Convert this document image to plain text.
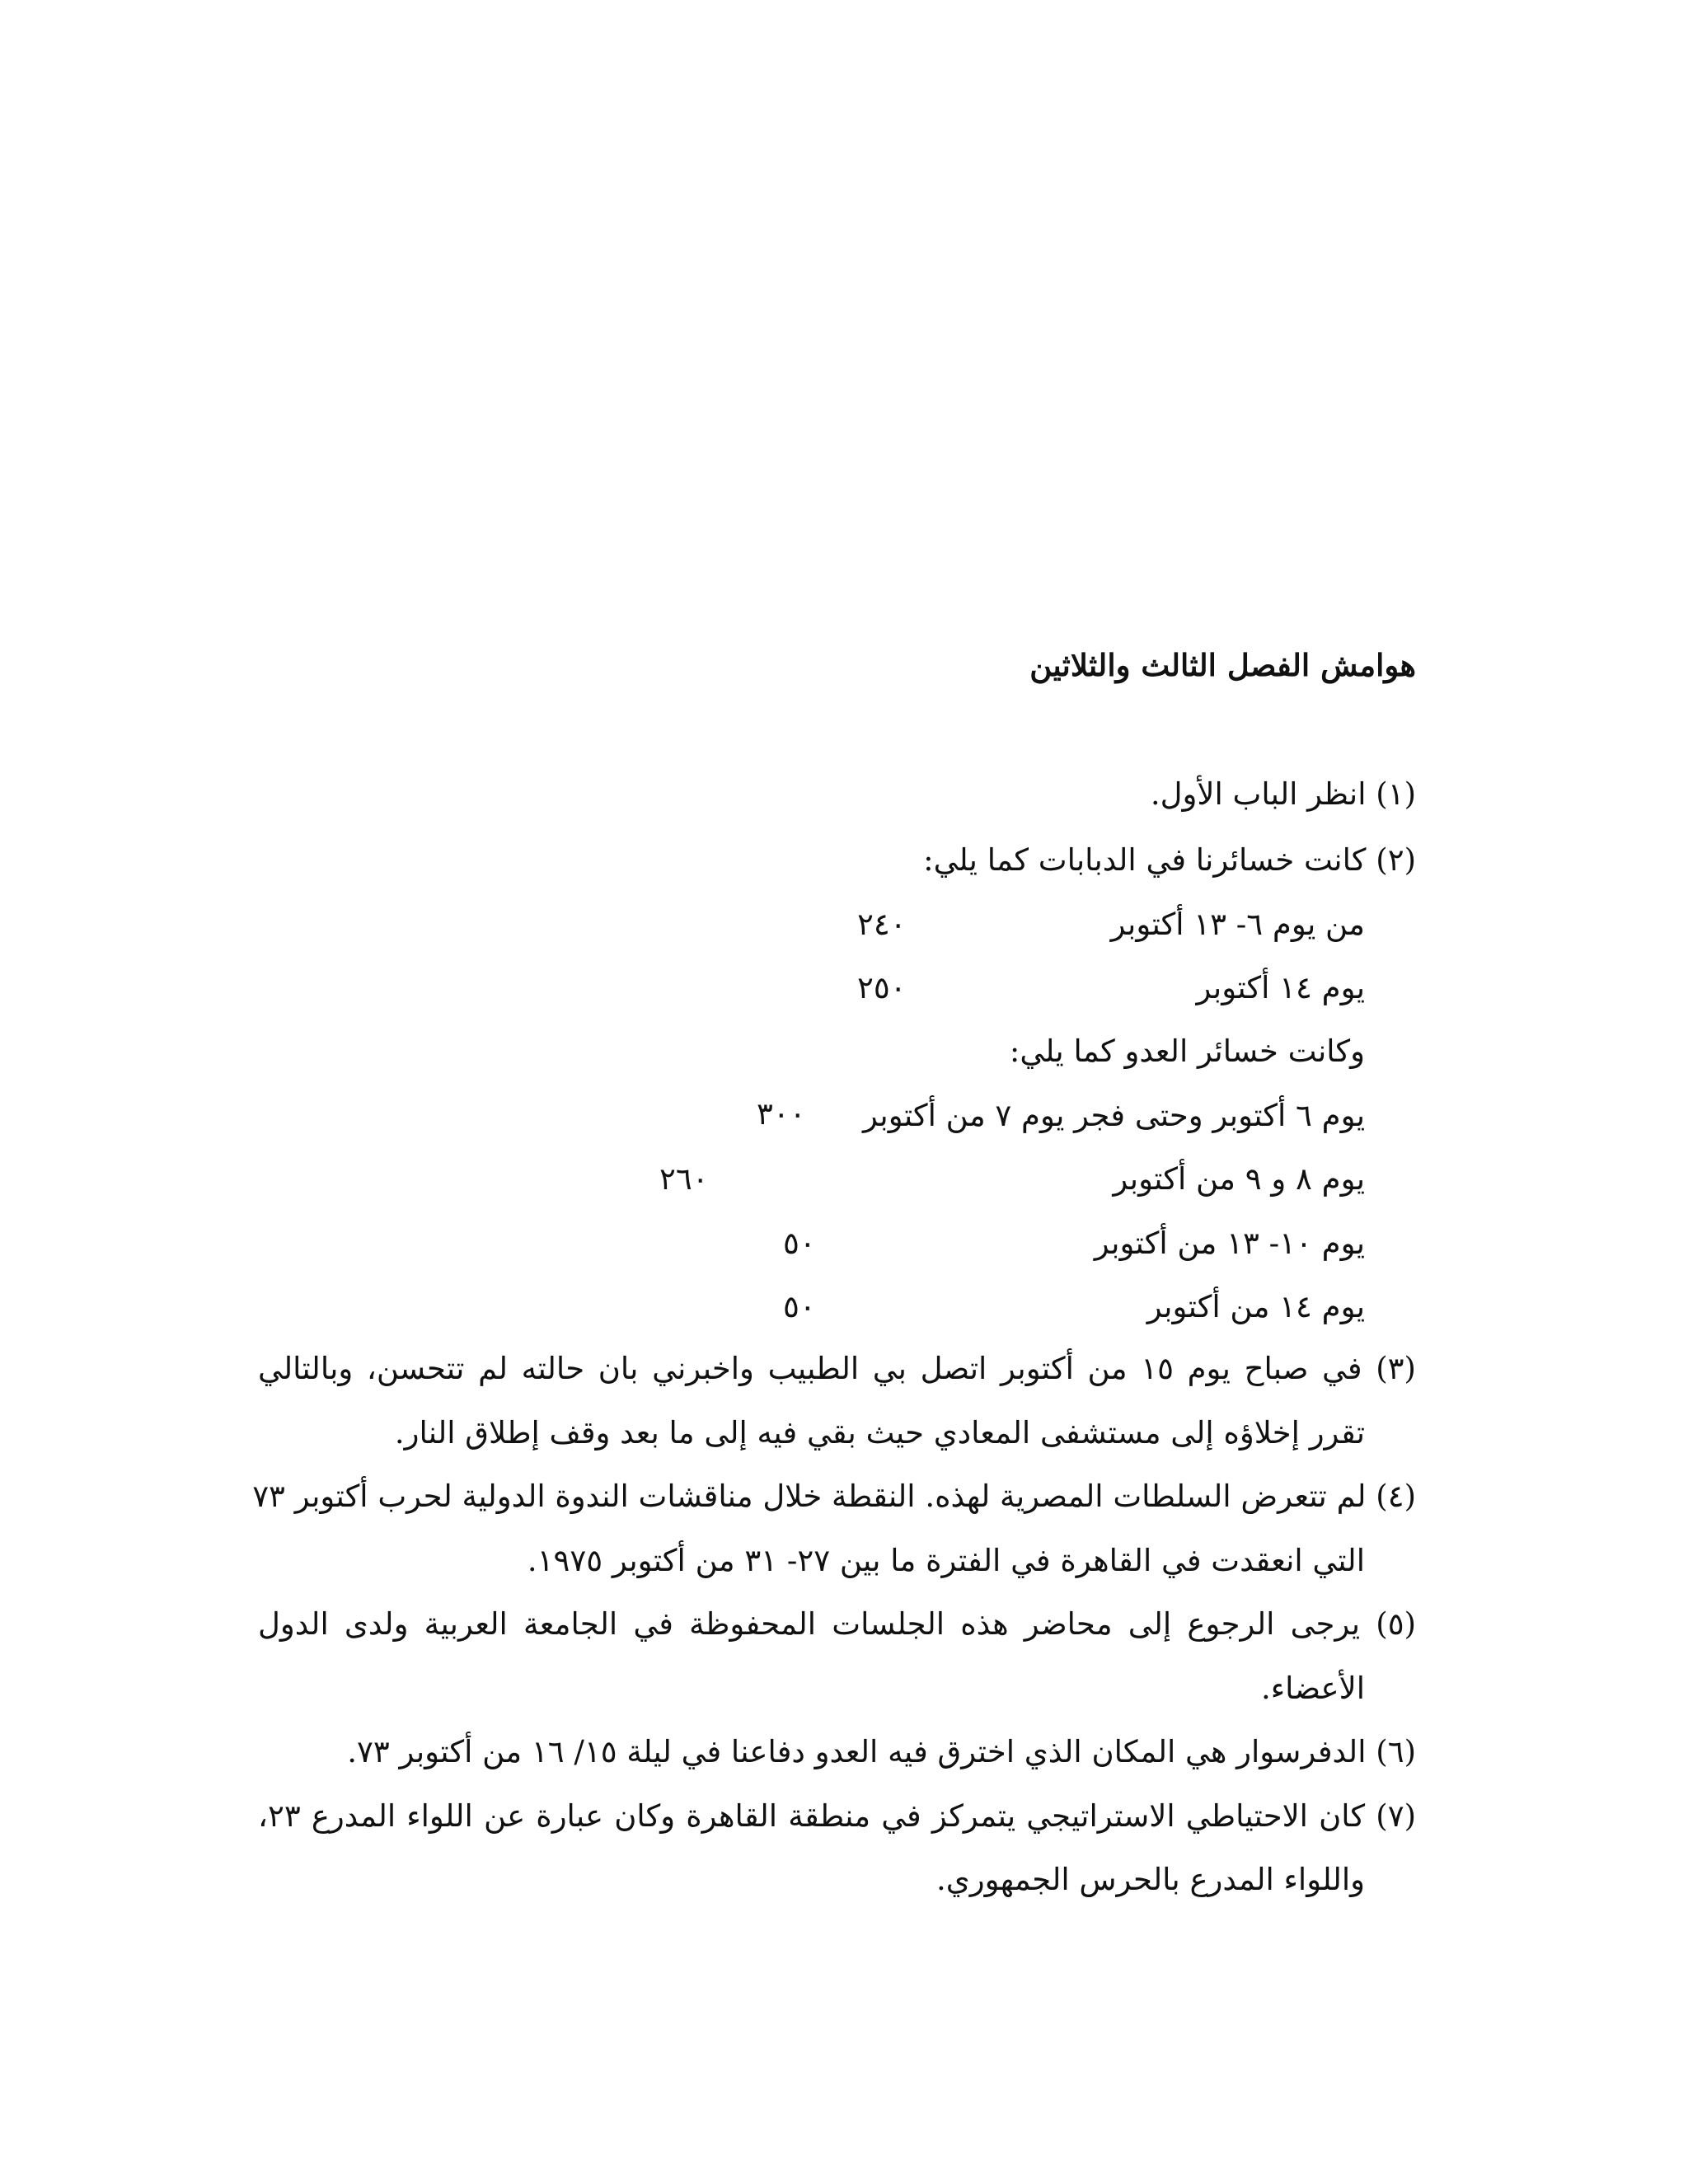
هوامش الفصل الثالث والثلاثين
(١) انظر الباب الأول.
(٢) كانت خسائرنا في الدبابات كما يلي:
من يوم ٦- ١٣ أكتوبر
٢٤٠
يوم ١٤ أكتوبر
٢٥٠
وكانت خسائر العدو كما يلي:
يوم ٦ أكتوبر وحتى فجر يوم ٧ من أكتوبر
٣٠٠
يوم ٨ و ٩ من أكتوبر
٢٦٠
يوم ١٠- ١٣ من أكتوبر
٥٠
يوم ١٤ من أكتوبر
٥٠
(٣) في صباح يوم ١٥ من أكتوبر اتصل بي الطبيب واخبرني بان حالته لم تتحسن، وبالتالي
تقرر إخلاؤه إلى مستشفى المعادي حيث بقي فيه إلى ما بعد وقف إطلاق النار.
(٤) لم تتعرض السلطات المصرية لهذه. النقطة خلال مناقشات الندوة الدولية لحرب أكتوبر ٧٣
التي انعقدت في القاهرة في الفترة ما بين ٢٧- ٣١ من أكتوبر ١٩٧٥.
(٥) يرجى الرجوع إلى محاضر هذه الجلسات المحفوظة في الجامعة العربية ولدى الدول
الأعضاء.
(٦) الدفرسوار هي المكان الذي اخترق فيه العدو دفاعنا في ليلة ١٥/ ١٦ من أكتوبر ٧٣.
(٧) كان الاحتياطي الاستراتيجي يتمركز في منطقة القاهرة وكان عبارة عن اللواء المدرع ٢٣،
واللواء المدرع بالحرس الجمهوري.
